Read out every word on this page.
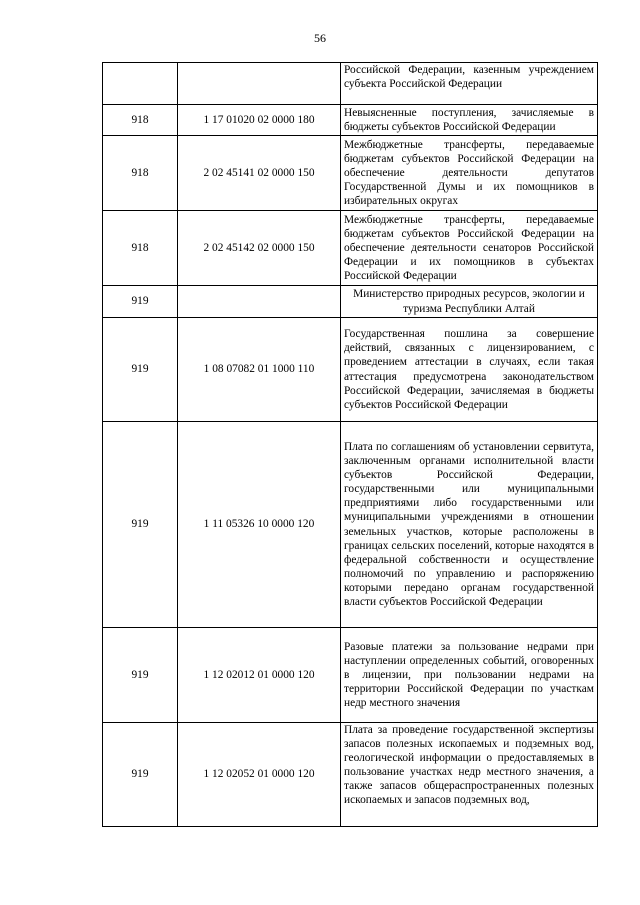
56
		Российской Федерации, казенным учреждением субъекта Российской Федерации
918	1 17 01020 02 0000 180	Невыясненные поступления, зачисляемые в бюджеты субъектов Российской Федерации
918	2 02 45141 02 0000 150	Межбюджетные трансферты, передаваемые бюджетам субъектов Российской Федерации на обеспечение деятельности депутатов Государственной Думы и их помощников в избирательных округах
918	2 02 45142 02 0000 150	Межбюджетные трансферты, передаваемые бюджетам субъектов Российской Федерации на обеспечение деятельности сенаторов Российской Федерации и их помощников в субъектах Российской Федерации
919		Министерство природных ресурсов, экологии и туризма Республики Алтай
919	1 08 07082 01 1000 110	Государственная пошлина за совершение действий, связанных с лицензированием, с проведением аттестации в случаях, если такая аттестация предусмотрена законодательством Российской Федерации, зачисляемая в бюджеты субъектов Российской Федерации
919	1 11 05326 10 0000 120	Плата по соглашениям об установлении сервитута, заключенным органами исполнительной власти субъектов Российской Федерации, государственными или муниципальными предприятиями либо государственными или муниципальными учреждениями в отношении земельных участков, которые расположены в границах сельских поселений, которые находятся в федеральной собственности и осуществление полномочий по управлению и распоряжению которыми передано органам государственной власти субъектов Российской Федерации
919	1 12 02012 01 0000 120	Разовые платежи за пользование недрами при наступлении определенных событий, оговоренных в лицензии, при пользовании недрами на территории Российской Федерации по участкам недр местного значения
919	1 12 02052 01 0000 120	Плата за проведение государственной экспертизы запасов полезных ископаемых и подземных вод, геологической информации о предоставляемых в пользование участках недр местного значения, а также запасов общераспространенных полезных ископаемых и запасов подземных вод,
